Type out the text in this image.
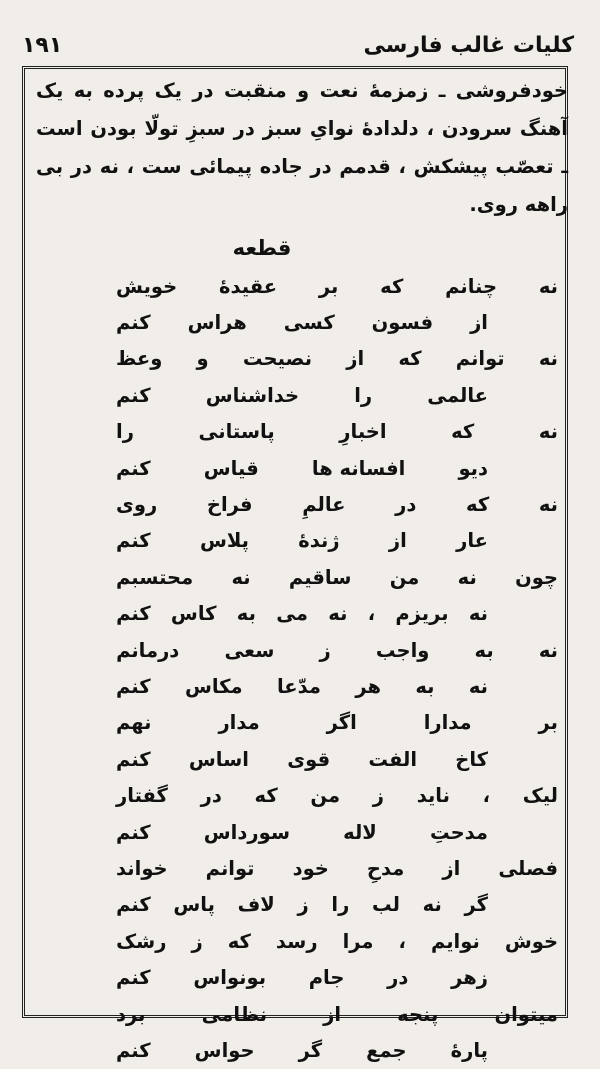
۱۹۱	کلیات غالب فارسی

خودفروشی ـ زمزمهٔ نعت و منقبت در یک پرده به یک آهنگ سرودن ، دلدادهٔ نوایِ سبز در سبزِ تولّا بودن است ـ تعصّب پیشکش ، قدمم در جاده پیمائی ست ، نه در بی راهه روی.

قطعه
نه
چنانم
که
بر
عقیدهٔ
خویش
از
فسون
کسی
هراس
کنم
نه
توانم
که
از
نصیحت
و
وعظ
عالمی
را
خداشناس
کنم
نه
که
اخبارِ
پاستانی
را
دیو
افسانه ها
قیاس
کنم
نه
که
در
عالمِ
فراخ
روی
عار
از
ژندهٔ
پلاس
کنم
چون
نه
من
ساقیم
نه
محتسبم
نه
بریزم
،
نه
می
به
کاس
کنم
نه
به
واجب
ز
سعی
درمانم
نه
به
هر
مدّعا
مکاس
کنم
بر
مدارا
اگر
مدار
نهم
کاخ
الفت
قوی
اساس
کنم
لیک
،
ناید
ز
من
که
در
گفتار
مدحتِ
لاله
سورداس
کنم
فصلی
از
مدحِ
خود
توانم
خواند
گر
نه
لب
را
ز
لاف
پاس
کنم
خوش
نوایم
،
مرا
رسد
که
ز
رشک
زهر
در
جام
بونواس
کنم
میتوان
پنجه
از
نظامی
برد
پارهٔ
جمع
گر
حواس
کنم
